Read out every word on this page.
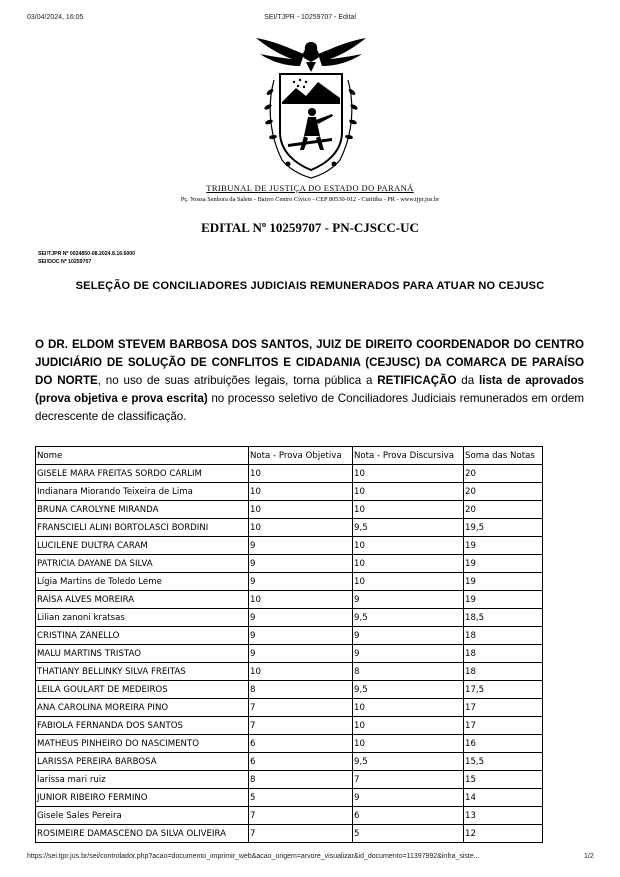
03/04/2024, 16:05	SEI/TJPR - 10259707 - Edital
TRIBUNAL DE JUSTIÇA DO ESTADO DO PARANÁ
Pç. Nossa Senhora da Salete - Bairro Centro Cívico - CEP 80530-912 - Curitiba - PR - www.tjpr.jus.br
EDITAL Nº 10259707 - PN-CJSCC-UC
SEI!TJPR Nº 0024850-08.2024.8.16.6000
SEI!DOC Nº 10259707
SELEÇÃO DE CONCILIADORES JUDICIAIS REMUNERADOS PARA ATUAR NO CEJUSC
O DR. ELDOM STEVEM BARBOSA DOS SANTOS, JUIZ DE DIREITO COORDENADOR DO CENTRO JUDICIÁRIO DE SOLUÇÃO DE CONFLITOS E CIDADANIA (CEJUSC) DA COMARCA DE PARAÍSO DO NORTE, no uso de suas atribuições legais, torna pública a RETIFICAÇÃO da lista de aprovados (prova objetiva e prova escrita) no processo seletivo de Conciliadores Judiciais remunerados em ordem decrescente de classificação.
Nome	Nota - Prova Objetiva	Nota - Prova Discursiva	Soma das Notas
GISELE MARA FREITAS SORDO CARLIM	10	10	20
Indianara Miorando Teixeira de Lima	10	10	20
BRUNA CAROLYNE MIRANDA	10	10	20
FRANSCIELI ALINI BORTOLASCI BORDINI	10	9,5	19,5
LUCILENE DULTRA CARAM	9	10	19
PATRICIA DAYANE DA SILVA	9	10	19
Lígia Martins de Toledo Leme	9	10	19
RAÍSA ALVES MOREIRA	10	9	19
Lilian zanoni kratsas	9	9,5	18,5
CRISTINA ZANELLO	9	9	18
MALU MARTINS TRISTAO	9	9	18
THATIANY BELLINKY SILVA FREITAS	10	8	18
LEILA GOULART DE MEDEIROS	8	9,5	17,5
ANA CAROLINA MOREIRA PINO	7	10	17
FABIOLA FERNANDA DOS SANTOS	7	10	17
MATHEUS PINHEIRO DO NASCIMENTO	6	10	16
LARISSA PEREIRA BARBOSA	6	9,5	15,5
larissa mari ruiz	8	7	15
JUNIOR RIBEIRO FERMINO	5	9	14
Gisele Sales Pereira	7	6	13
ROSIMEIRE DAMASCENO DA SILVA OLIVEIRA	7	5	12
https://sei.tjpr.jus.br/sei/controlador.php?acao=documento_imprimir_web&acao_origem=arvore_visualizar&id_documento=11397992&infra_siste...	1/2
